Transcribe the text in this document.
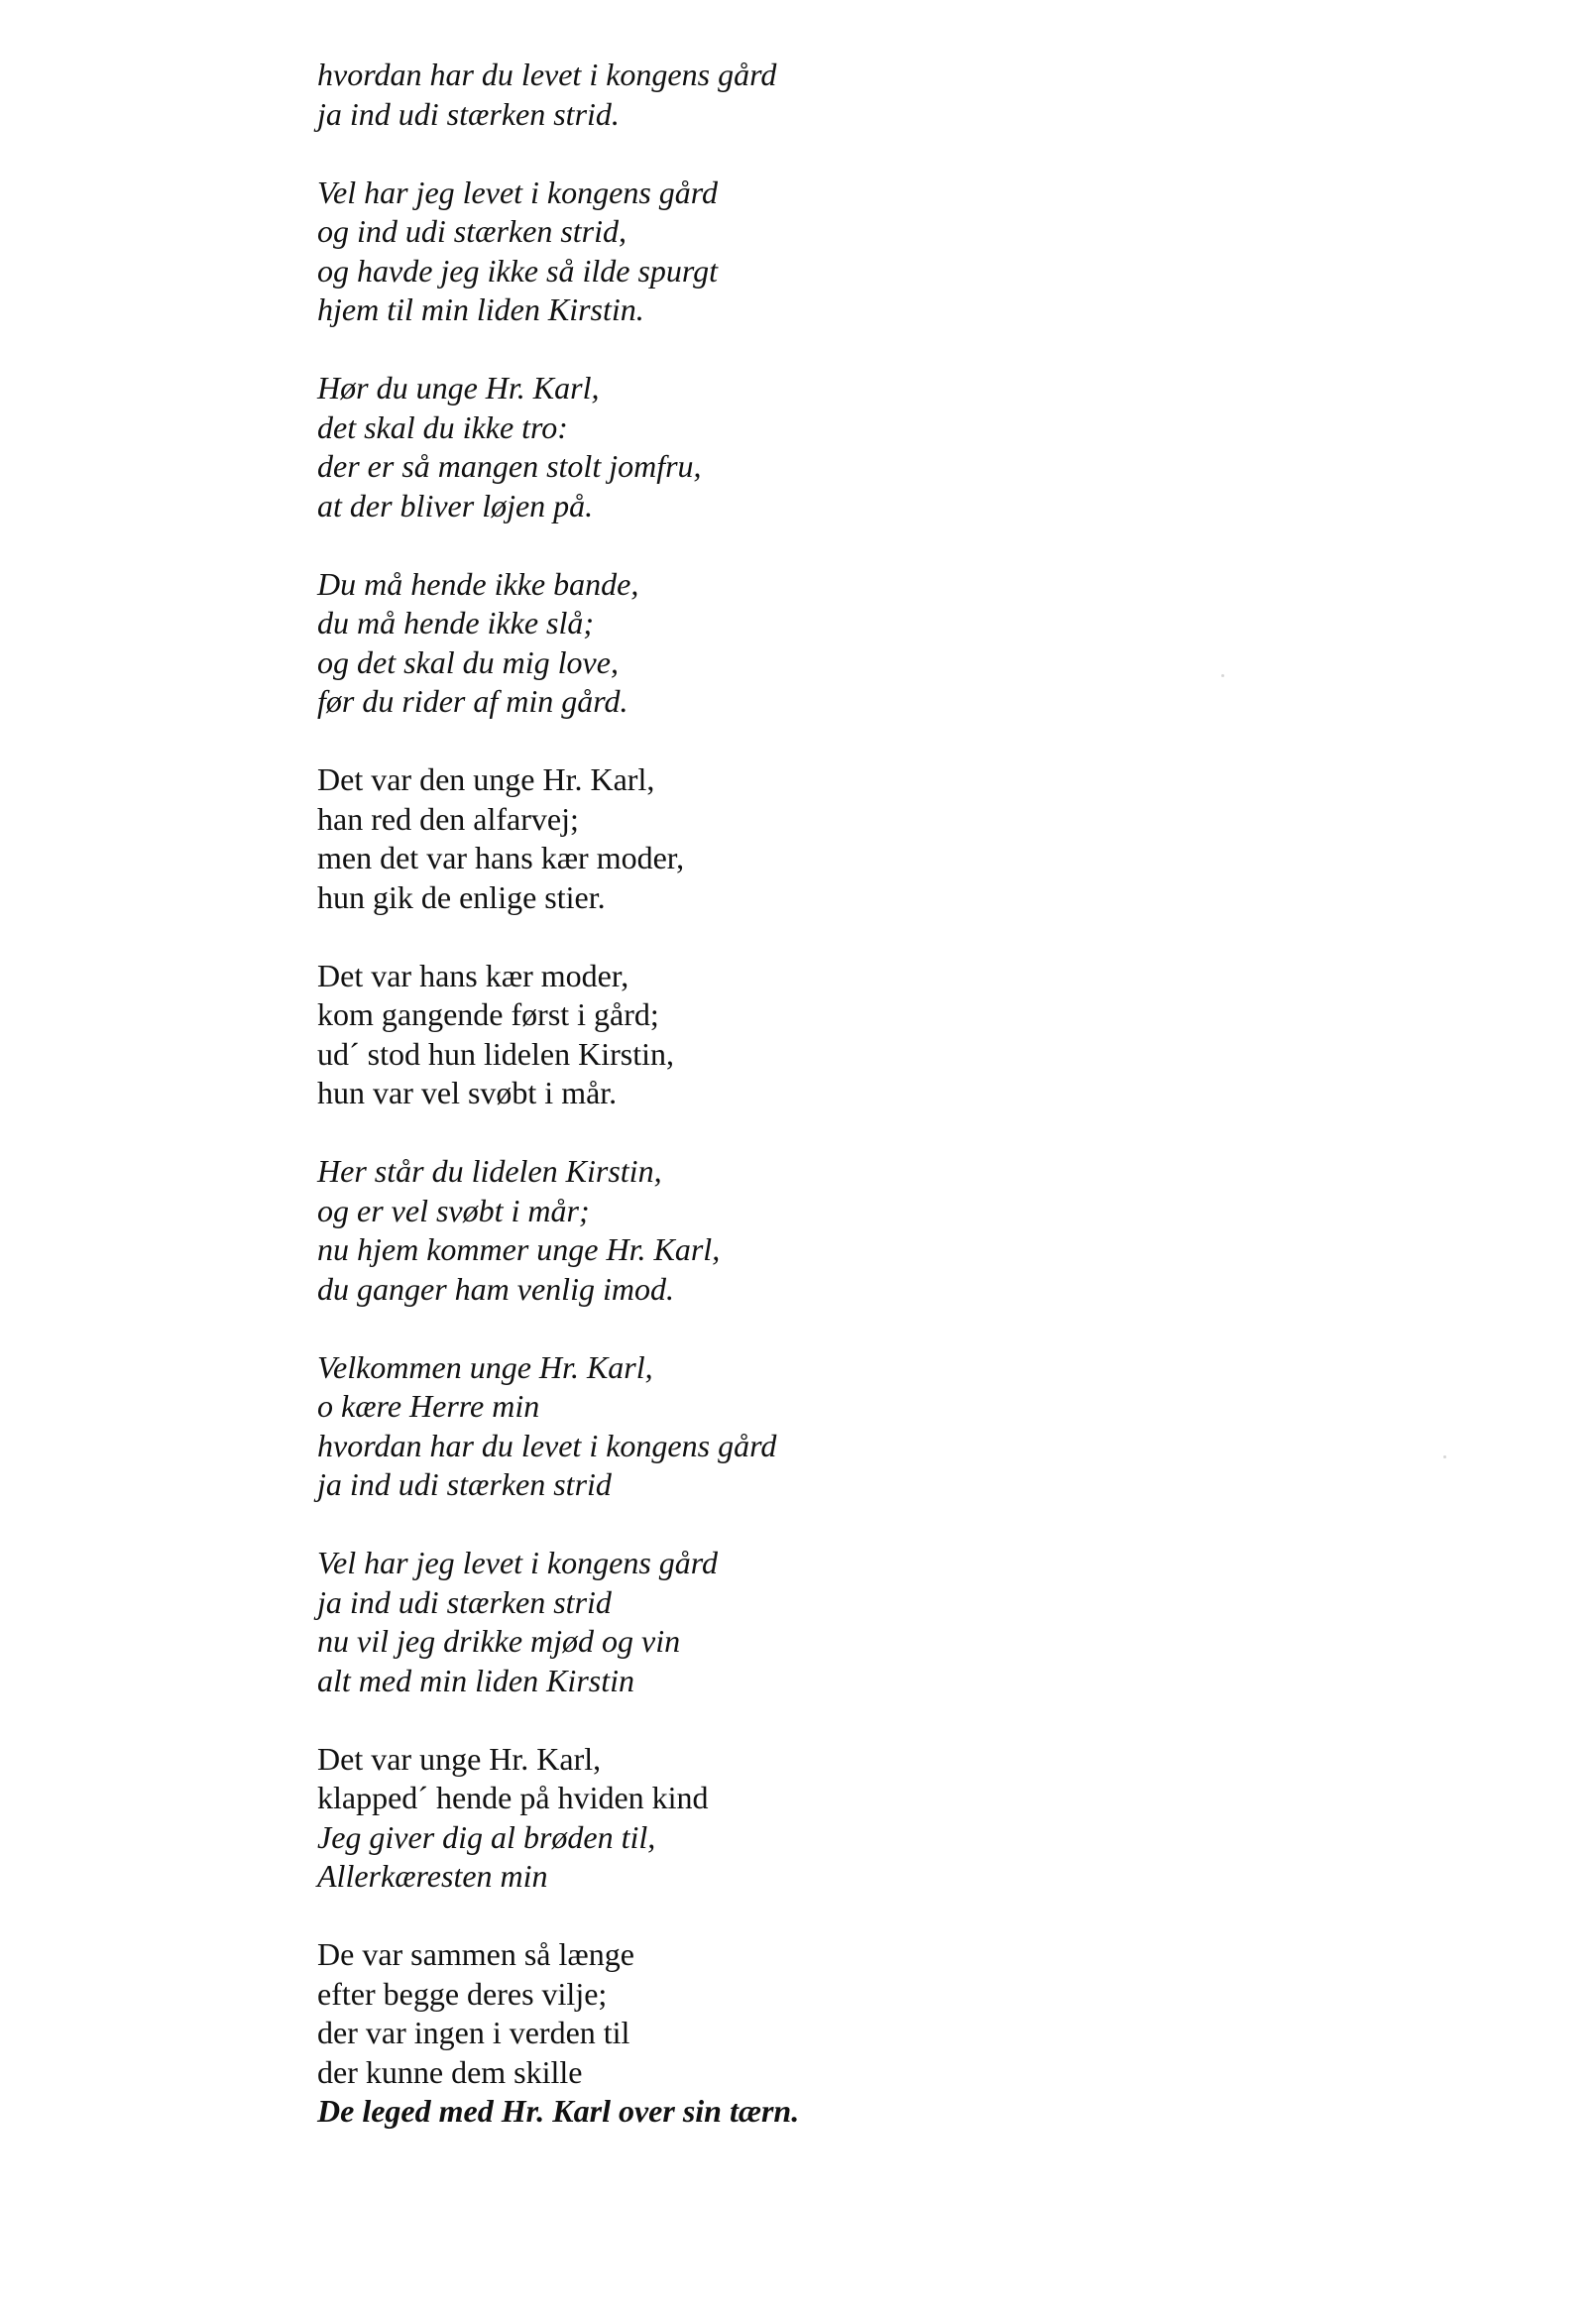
hvordan har du levet i kongens gård
ja ind udi stærken strid.
Vel har jeg levet i kongens gård
og ind udi stærken strid,
og havde jeg ikke så ilde spurgt
hjem til min liden Kirstin.
Hør du unge Hr. Karl,
det skal du ikke tro:
der er så mangen stolt jomfru,
at der bliver løjen på.
Du må hende ikke bande,
du må hende ikke slå;
og det skal du mig love,
før du rider af min gård.
Det var den unge Hr. Karl,
han red den alfarvej;
men det var hans kær moder,
hun gik de enlige stier.
Det var hans kær moder,
kom gangende først i gård;
ud´ stod hun lidelen Kirstin,
hun var vel svøbt i mår.
Her står du lidelen Kirstin,
og er vel svøbt i mår;
nu hjem kommer unge Hr. Karl,
du ganger ham venlig imod.
Velkommen unge Hr. Karl,
o kære Herre min
hvordan har du levet i kongens gård
ja ind udi stærken strid
Vel har jeg levet i kongens gård
ja ind udi stærken strid
nu vil jeg drikke mjød og vin
alt med min liden Kirstin
Det var unge Hr. Karl,
klapped´ hende på hviden kind
Jeg giver dig al brøden til,
Allerkæresten min
De var sammen så længe
efter begge deres vilje;
der var ingen i verden til
der kunne dem skille
De leged med Hr. Karl over sin tærn.
